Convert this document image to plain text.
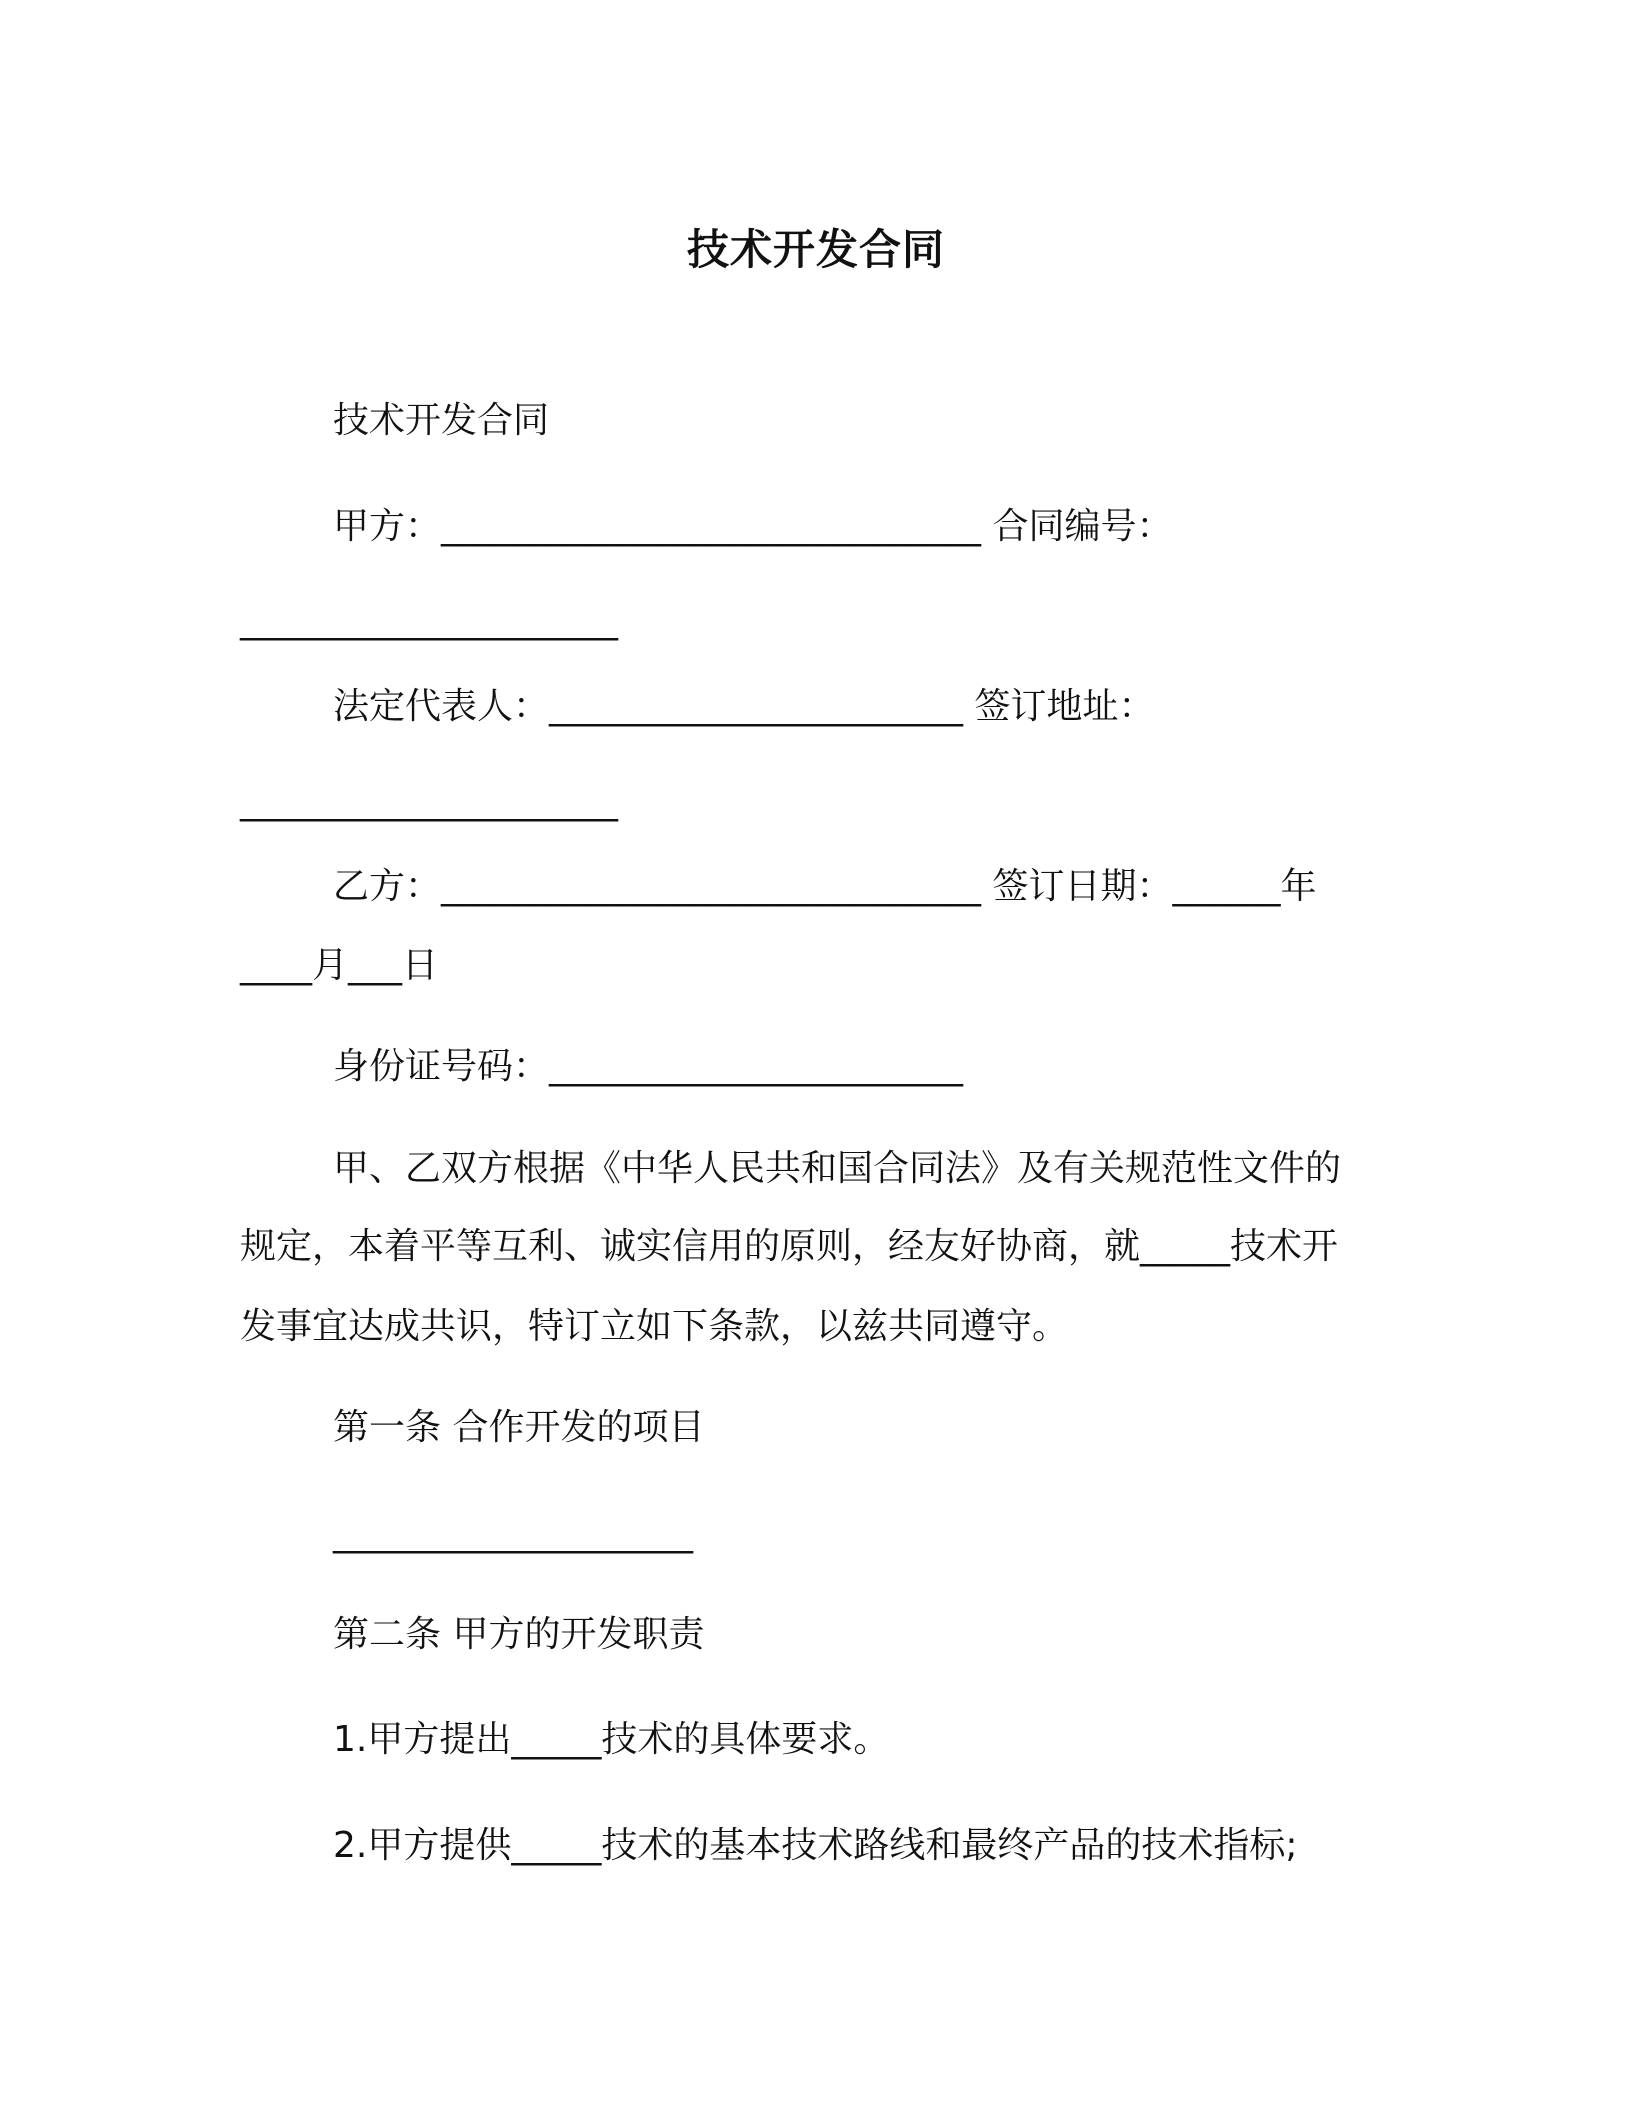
技术开发合同
技术开发合同
甲方：______________________________ 合同编号：
_____________________
法定代表人：_______________________ 签订地址：
_____________________
乙方：______________________________ 签订日期：______年
____月___日
身份证号码：_______________________
甲、乙双方根据《中华人民共和国合同法》及有关规范性文件的
规定，本着平等互利、诚实信用的原则，经友好协商，就_____技术开
发事宜达成共识，特订立如下条款，以兹共同遵守。
第一条 合作开发的项目
____________________
第二条 甲方的开发职责
1.甲方提出_____技术的具体要求。
2.甲方提供_____技术的基本技术路线和最终产品的技术指标;
